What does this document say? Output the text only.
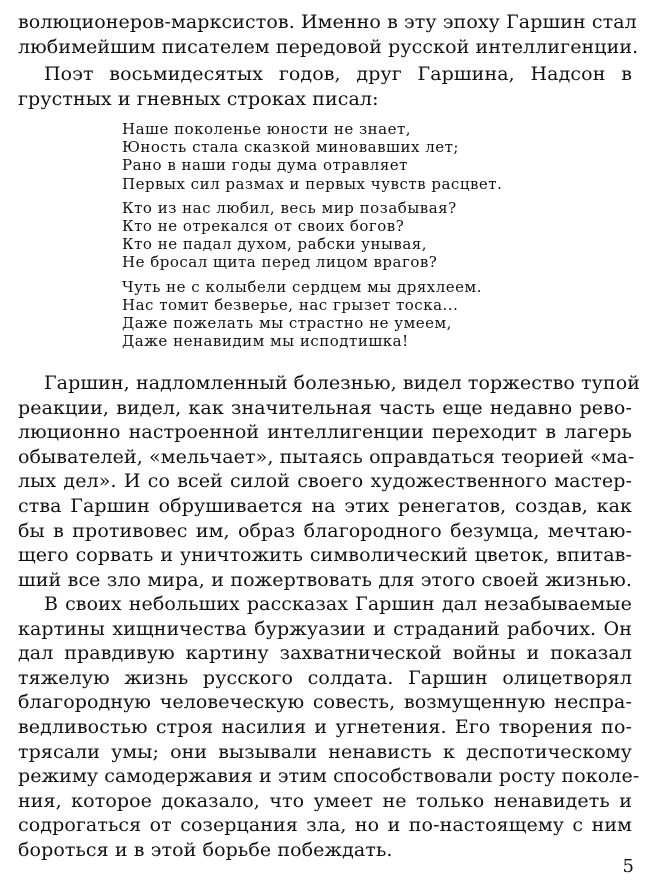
волюционеров-марксистов. Именно в эту эпоху Гаршин стал
любимейшим писателем передовой русской интеллигенции.
Поэт восьмидесятых годов, друг Гаршина, Надсон в
грустных и гневных строках писал:
Наше поколенье юности не знает,
Юность стала сказкой миновавших лет;
Рано в наши годы дума отравляет
Первых сил размах и первых чувств расцвет.
Кто из нас любил, весь мир позабывая?
Кто не отрекался от своих богов?
Кто не падал духом, рабски унывая,
Не бросал щита перед лицом врагов?
Чуть не с колыбели сердцем мы дряхлеем.
Нас томит безверье, нас грызет тоска...
Даже пожелать мы страстно не умеем,
Даже ненавидим мы исподтишка!
Гаршин, надломленный болезнью, видел торжество тупой
реакции, видел, как значительная часть еще недавно рево-
люционно настроенной интеллигенции переходит в лагерь
обывателей, «мельчает», пытаясь оправдаться теорией «ма-
лых дел». И со всей силой своего художественного мастер-
ства Гаршин обрушивается на этих ренегатов, создав, как
бы в противовес им, образ благородного безумца, мечтаю-
щего сорвать и уничтожить символический цветок, впитав-
ший все зло мира, и пожертвовать для этого своей жизнью.
В своих небольших рассказах Гаршин дал незабываемые
картины хищничества буржуазии и страданий рабочих. Он
дал правдивую картину захватнической войны и показал
тяжелую жизнь русского солдата. Гаршин олицетворял
благородную человеческую совесть, возмущенную неспра-
ведливостью строя насилия и угнетения. Его творения по-
трясали умы; они вызывали ненависть к деспотическому
режиму самодержавия и этим способствовали росту поколе-
ния, которое доказало, что умеет не только ненавидеть и
содрогаться от созерцания зла, но и по-настоящему с ним
бороться и в этой борьбе побеждать.
5
